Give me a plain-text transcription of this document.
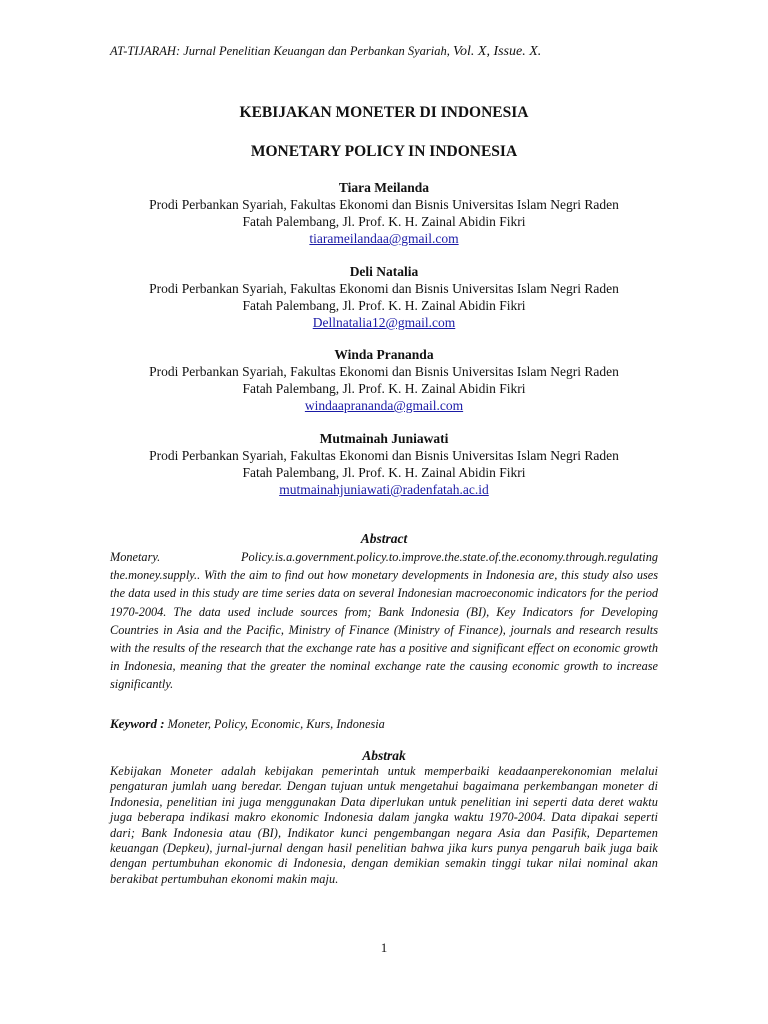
AT-TIJARAH: Jurnal Penelitian Keuangan dan Perbankan Syariah, Vol. X, Issue. X.
KEBIJAKAN MONETER DI INDONESIA
MONETARY POLICY IN INDONESIA
Tiara Meilanda
Prodi Perbankan Syariah, Fakultas Ekonomi dan Bisnis Universitas Islam Negri Raden
Fatah Palembang, Jl. Prof. K. H. Zainal Abidin Fikri
tiarameilandaa@gmail.com
Deli Natalia
Prodi Perbankan Syariah, Fakultas Ekonomi dan Bisnis Universitas Islam Negri Raden
Fatah Palembang, Jl. Prof. K. H. Zainal Abidin Fikri
Dellnatalia12@gmail.com
Winda Prananda
Prodi Perbankan Syariah, Fakultas Ekonomi dan Bisnis Universitas Islam Negri Raden
Fatah Palembang, Jl. Prof. K. H. Zainal Abidin Fikri
windaaprananda@gmail.com
Mutmainah Juniawati
Prodi Perbankan Syariah, Fakultas Ekonomi dan Bisnis Universitas Islam Negri Raden
Fatah Palembang, Jl. Prof. K. H. Zainal Abidin Fikri
mutmainahjuniawati@radenfatah.ac.id
Abstract
Monetary. Policy.is.a.government.policy.to.improve.the.state.of.the.economy.through.regulating the.money.supply.. With the aim to find out how monetary developments in Indonesia are, this study also uses the data used in this study are time series data on several Indonesian macroeconomic indicators for the period 1970-2004. The data used include sources from; Bank Indonesia (BI), Key Indicators for Developing Countries in Asia and the Pacific, Ministry of Finance (Ministry of Finance), journals and research results with the results of the research that the exchange rate has a positive and significant effect on economic growth in Indonesia, meaning that the greater the nominal exchange rate the causing economic growth to increase significantly.
Keyword : Moneter, Policy, Economic, Kurs, Indonesia
Abstrak
Kebijakan Moneter adalah kebijakan pemerintah untuk memperbaiki keadaanperekonomian melalui pengaturan jumlah uang beredar. Dengan tujuan untuk mengetahui bagaimana perkembangan moneter di Indonesia, penelitian ini juga menggunakan Data diperlukan untuk penelitian ini seperti data deret waktu juga beberapa indikasi makro ekonomic Indonesia dalam jangka waktu 1970-2004. Data dipakai seperti dari; Bank Indonesia atau (BI), Indikator kunci pengembangan negara Asia dan Pasifik, Departemen keuangan (Depkeu), jurnal-jurnal dengan hasil penelitian bahwa jika kurs punya pengaruh baik juga baik dengan pertumbuhan ekonomic di Indonesia, dengan demikian semakin tinggi tukar nilai nominal akan berakibat pertumbuhan ekonomi makin maju.
1
